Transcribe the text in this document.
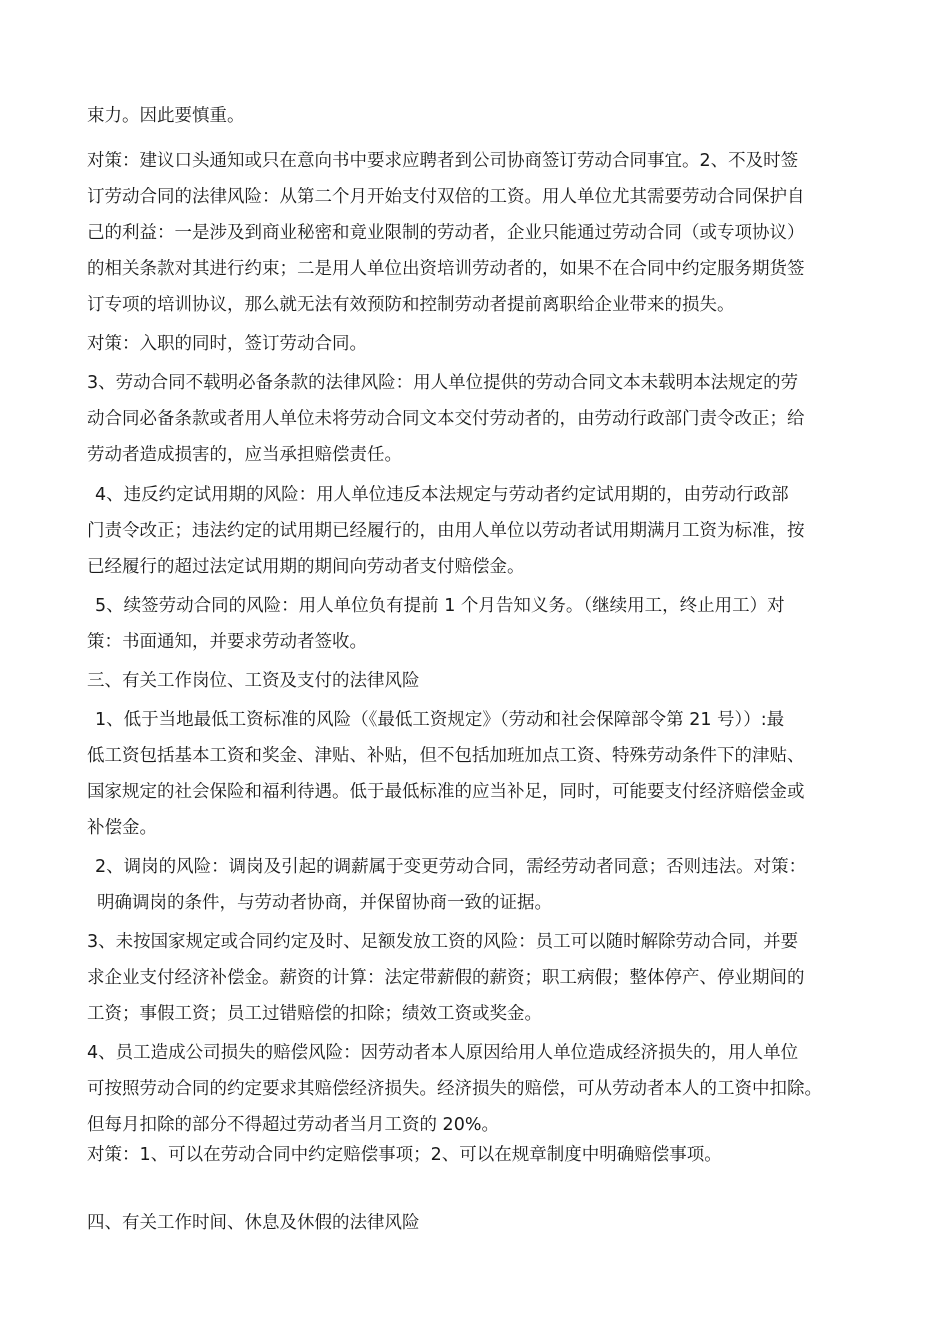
束力。因此要慎重。
对策：建议口头通知或只在意向书中要求应聘者到公司协商签订劳动合同事宜。2、不及时签
订劳动合同的法律风险：从第二个月开始支付双倍的工资。用人单位尤其需要劳动合同保护自
己的利益：一是涉及到商业秘密和竟业限制的劳动者，企业只能通过劳动合同（或专项协议）
的相关条款对其进行约束；二是用人单位出资培训劳动者的，如果不在合同中约定服务期货签
订专项的培训协议，那么就无法有效预防和控制劳动者提前离职给企业带来的损失。
对策：入职的同时，签订劳动合同。
3、劳动合同不载明必备条款的法律风险：用人单位提供的劳动合同文本未载明本法规定的劳
动合同必备条款或者用人单位未将劳动合同文本交付劳动者的，由劳动行政部门责令改正；给
劳动者造成损害的，应当承担赔偿责任。
4、违反约定试用期的风险：用人单位违反本法规定与劳动者约定试用期的，由劳动行政部
门责令改正；违法约定的试用期已经履行的，由用人单位以劳动者试用期满月工资为标准，按
已经履行的超过法定试用期的期间向劳动者支付赔偿金。
5、续签劳动合同的风险：用人单位负有提前 1 个月告知义务。（继续用工，终止用工）对
策：书面通知，并要求劳动者签收。
三、有关工作岗位、工资及支付的法律风险
1、低于当地最低工资标准的风险（《最低工资规定》（劳动和社会保障部令第 21 号））:最
低工资包括基本工资和奖金、津贴、补贴，但不包括加班加点工资、特殊劳动条件下的津贴、
国家规定的社会保险和福利待遇。低于最低标准的应当补足，同时，可能要支付经济赔偿金或
补偿金。
2、调岗的风险：调岗及引起的调薪属于变更劳动合同，需经劳动者同意；否则违法。对策：
明确调岗的条件，与劳动者协商，并保留协商一致的证据。
3、未按国家规定或合同约定及时、足额发放工资的风险：员工可以随时解除劳动合同，并要
求企业支付经济补偿金。薪资的计算：法定带薪假的薪资；职工病假；整体停产、停业期间的
工资；事假工资；员工过错赔偿的扣除；绩效工资或奖金。
4、员工造成公司损失的赔偿风险：因劳动者本人原因给用人单位造成经济损失的，用人单位
可按照劳动合同的约定要求其赔偿经济损失。经济损失的赔偿，可从劳动者本人的工资中扣除。
但每月扣除的部分不得超过劳动者当月工资的 20%。
对策：1、可以在劳动合同中约定赔偿事项；2、可以在规章制度中明确赔偿事项。
四、有关工作时间、休息及休假的法律风险
